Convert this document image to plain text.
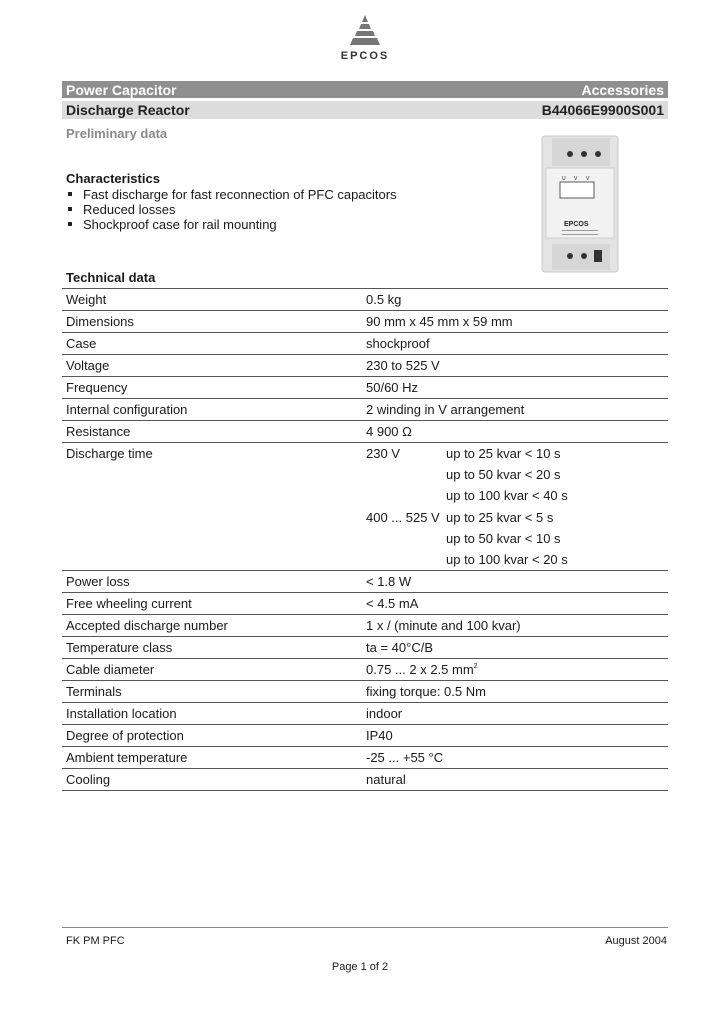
EPCOS
Power Capacitor	Accessories
Discharge Reactor	B44066E9900S001
Preliminary data
Characteristics
Fast discharge for fast reconnection of PFC capacitors
Reduced losses
Shockproof case for rail mounting
U V V
EPCOS
Technical data
Weight	0.5 kg
Dimensions	90 mm x 45 mm x 59 mm
Case	shockproof
Voltage	230 to 525 V
Frequency	50/60 Hz
Internal configuration	2 winding in V arrangement
Resistance	4 900 Ω
Discharge time	230 V	up to 25 kvar < 10 s
up to 50 kvar < 20 s
up to 100 kvar < 40 s
400 ... 525 V up to 25 kvar < 5 s
up to 50 kvar < 10 s
up to 100 kvar < 20 s
Power loss	< 1.8 W
Free wheeling current	< 4.5 mA
Accepted discharge number	1 x / (minute and 100 kvar)
Temperature class	ta = 40°C/B
Cable diameter	0.75 ... 2 x 2.5 $mm^2$
Terminals	fixing torque: 0.5 Nm
Installation location	indoor
Degree of protection	IP40
Ambient temperature	-25 ... +55 °C
Cooling	natural
FK PM PFC	August 2004
Page 1 of 2
